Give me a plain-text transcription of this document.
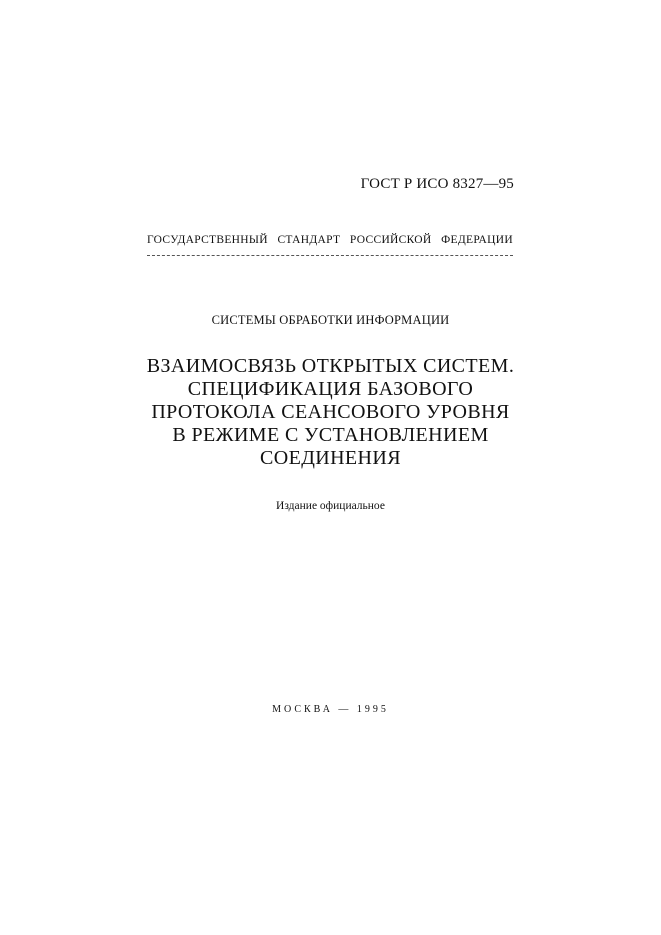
ГОСТ Р ИСО 8327—95
ГОСУДАРСТВЕННЫЙ СТАНДАРТ РОССИЙСКОЙ ФЕДЕРАЦИИ
СИСТЕМЫ ОБРАБОТКИ ИНФОРМАЦИИ
ВЗАИМОСВЯЗЬ ОТКРЫТЫХ СИСТЕМ.
СПЕЦИФИКАЦИЯ БАЗОВОГО
ПРОТОКОЛА СЕАНСОВОГО УРОВНЯ
В РЕЖИМЕ С УСТАНОВЛЕНИЕМ
СОЕДИНЕНИЯ
Издание официальное
МОСКВА — 1995
